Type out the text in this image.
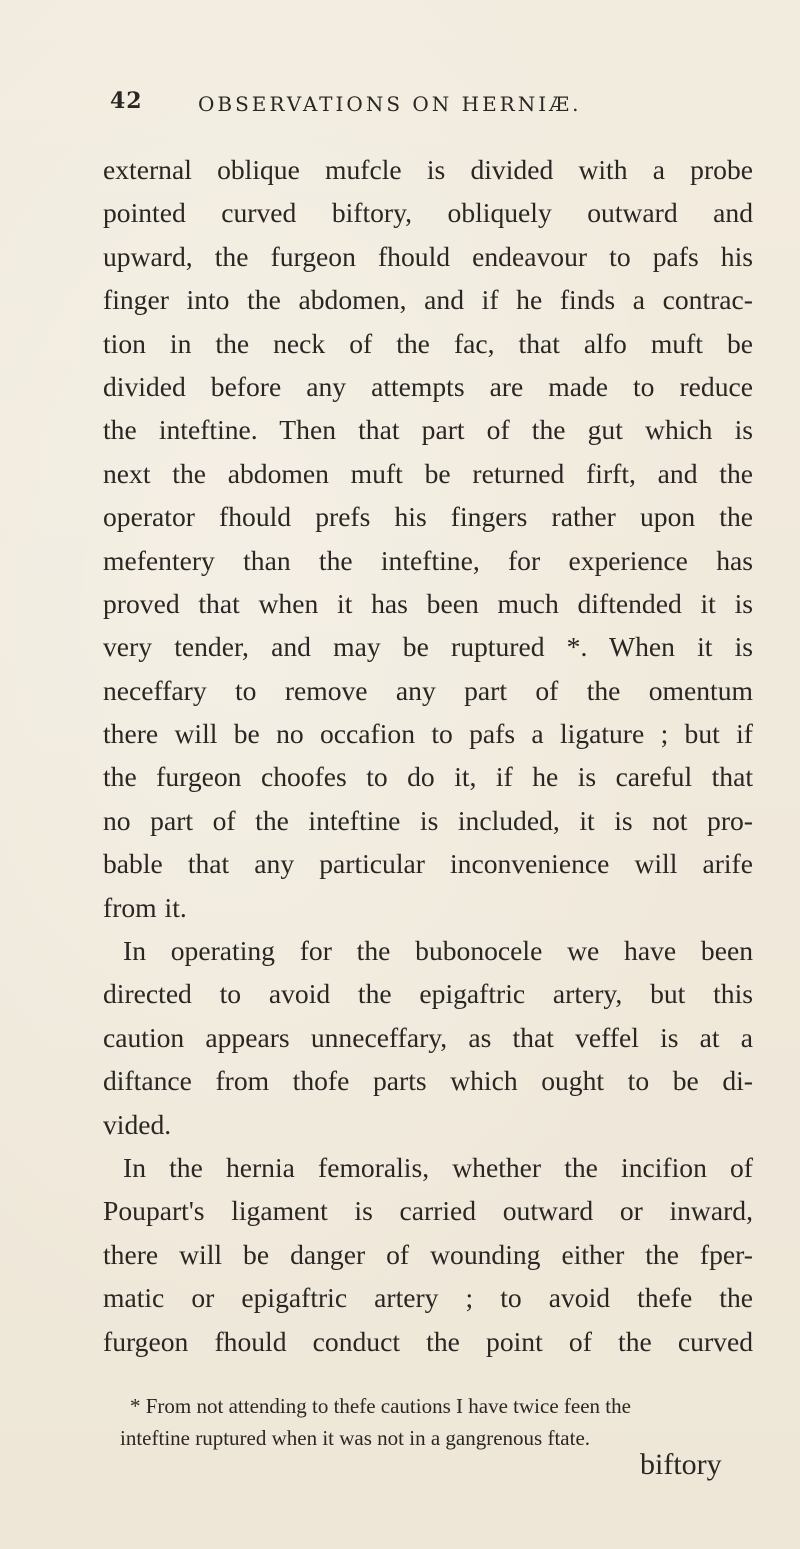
42	OBSERVATIONS ON HERNIÆ.
external oblique mufcle is divided with a probe
pointed curved biftory, obliquely outward and
upward, the furgeon fhould endeavour to pafs his
finger into the abdomen, and if he finds a contrac-
tion in the neck of the fac, that alfo muft be
divided before any attempts are made to reduce
the inteftine. Then that part of the gut which is
next the abdomen muft be returned firft, and the
operator fhould prefs his fingers rather upon the
mefentery than the inteftine, for experience has
proved that when it has been much diftended it is
very tender, and may be ruptured *. When it is
neceffary to remove any part of the omentum
there will be no occafion to pafs a ligature ; but if
the furgeon choofes to do it, if he is careful that
no part of the inteftine is included, it is not pro-
bable that any particular inconvenience will arife
from it.
In operating for the bubonocele we have been
directed to avoid the epigaftric artery, but this
caution appears unneceffary, as that veffel is at a
diftance from thofe parts which ought to be di-
vided.
In the hernia femoralis, whether the incifion of
Poupart's ligament is carried outward or inward,
there will be danger of wounding either the fper-
matic or epigaftric artery ; to avoid thefe the
furgeon fhould conduct the point of the curved
* From not attending to thefe cautions I have twice feen the
inteftine ruptured when it was not in a gangrenous ftate.
biftory
